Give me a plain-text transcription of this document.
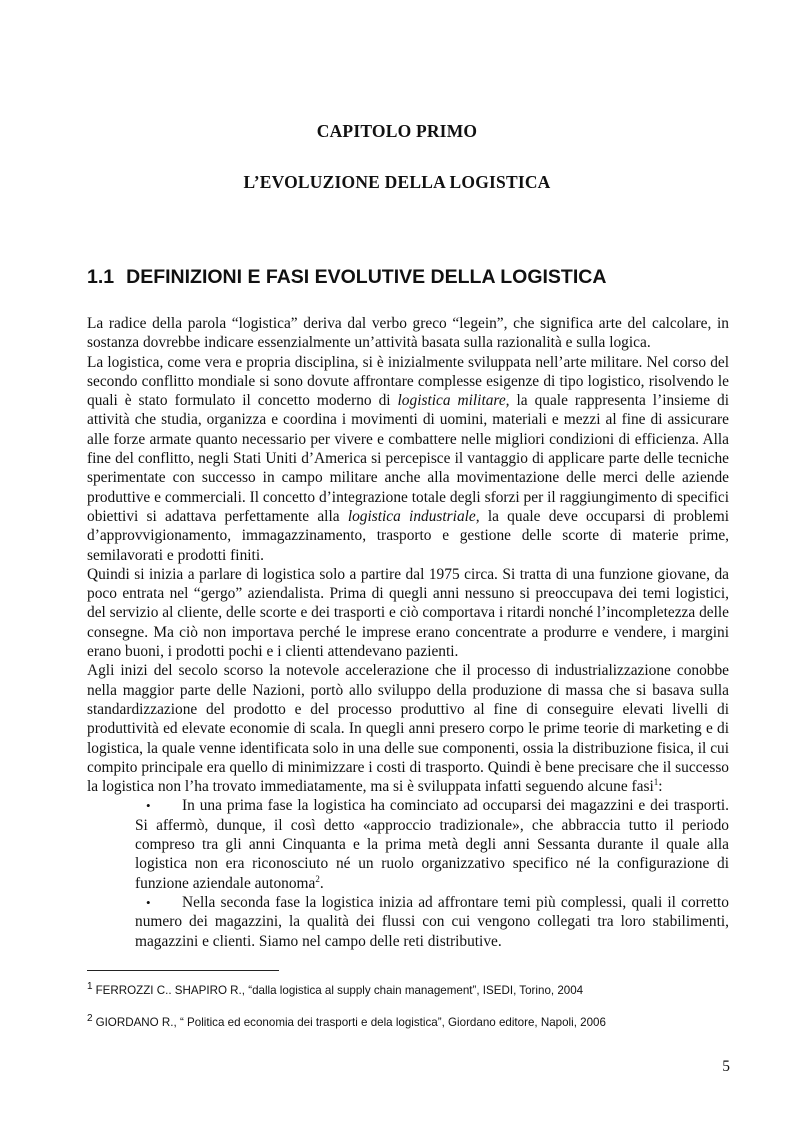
CAPITOLO PRIMO
L’EVOLUZIONE DELLA LOGISTICA
1.1 DEFINIZIONI E FASI EVOLUTIVE DELLA LOGISTICA

La radice della parola “logistica” deriva dal verbo greco “legein”, che significa arte del calcolare, in sostanza dovrebbe indicare essenzialmente un’attività basata sulla razionalità e sulla logica.

La logistica, come vera e propria disciplina, si è inizialmente sviluppata nell’arte militare. Nel corso del secondo conflitto mondiale si sono dovute affrontare complesse esigenze di tipo logistico, risolvendo le quali è stato formulato il concetto moderno di logistica militare, la quale rappresenta l’insieme di attività che studia, organizza e coordina i movimenti di uomini, materiali e mezzi al fine di assicurare alle forze armate quanto necessario per vivere e combattere nelle migliori condizioni di efficienza. Alla fine del conflitto, negli Stati Uniti d’America si percepisce il vantaggio di applicare parte delle tecniche sperimentate con successo in campo militare anche alla movimentazione delle merci delle aziende produttive e commerciali. Il concetto d’integrazione totale degli sforzi per il raggiungimento di specifici obiettivi si adattava perfettamente alla logistica industriale, la quale deve occuparsi di problemi d’approvvigionamento, immagazzinamento, trasporto e gestione delle scorte di materie prime, semilavorati e prodotti finiti.

Quindi si inizia a parlare di logistica solo a partire dal 1975 circa. Si tratta di una funzione giovane, da poco entrata nel “gergo” aziendalista. Prima di quegli anni nessuno si preoccupava dei temi logistici, del servizio al cliente, delle scorte e dei trasporti e ciò comportava i ritardi nonché l’incompletezza delle consegne. Ma ciò non importava perché le imprese erano concentrate a produrre e vendere, i margini erano buoni, i prodotti pochi e i clienti attendevano pazienti.

Agli inizi del secolo scorso la notevole accelerazione che il processo di industrializzazione conobbe nella maggior parte delle Nazioni, portò allo sviluppo della produzione di massa che si basava sulla standardizzazione del prodotto e del processo produttivo al fine di conseguire elevati livelli di produttività ed elevate economie di scala. In quegli anni presero corpo le prime teorie di marketing e di logistica, la quale venne identificata solo in una delle sue componenti, ossia la distribuzione fisica, il cui compito principale era quello di minimizzare i costi di trasporto. Quindi è bene precisare che il successo la logistica non l’ha trovato immediatamente, ma si è sviluppata infatti seguendo alcune fasi$^1$:

• In una prima fase la logistica ha cominciato ad occuparsi dei magazzini e dei trasporti. Si affermò, dunque, il così detto «approccio tradizionale», che abbraccia tutto il periodo compreso tra gli anni Cinquanta e la prima metà degli anni Sessanta durante il quale alla logistica non era riconosciuto né un ruolo organizzativo specifico né la configurazione di funzione aziendale autonoma$^2$.
• Nella seconda fase la logistica inizia ad affrontare temi più complessi, quali il corretto numero dei magazzini, la qualità dei flussi con cui vengono collegati tra loro stabilimenti, magazzini e clienti. Siamo nel campo delle reti distributive.
1 FERROZZI C.. SHAPIRO R., “dalla logistica al supply chain management”, ISEDI, Torino, 2004
2 GIORDANO R., “ Politica ed economia dei trasporti e dela logistica”, Giordano editore, Napoli, 2006
5
